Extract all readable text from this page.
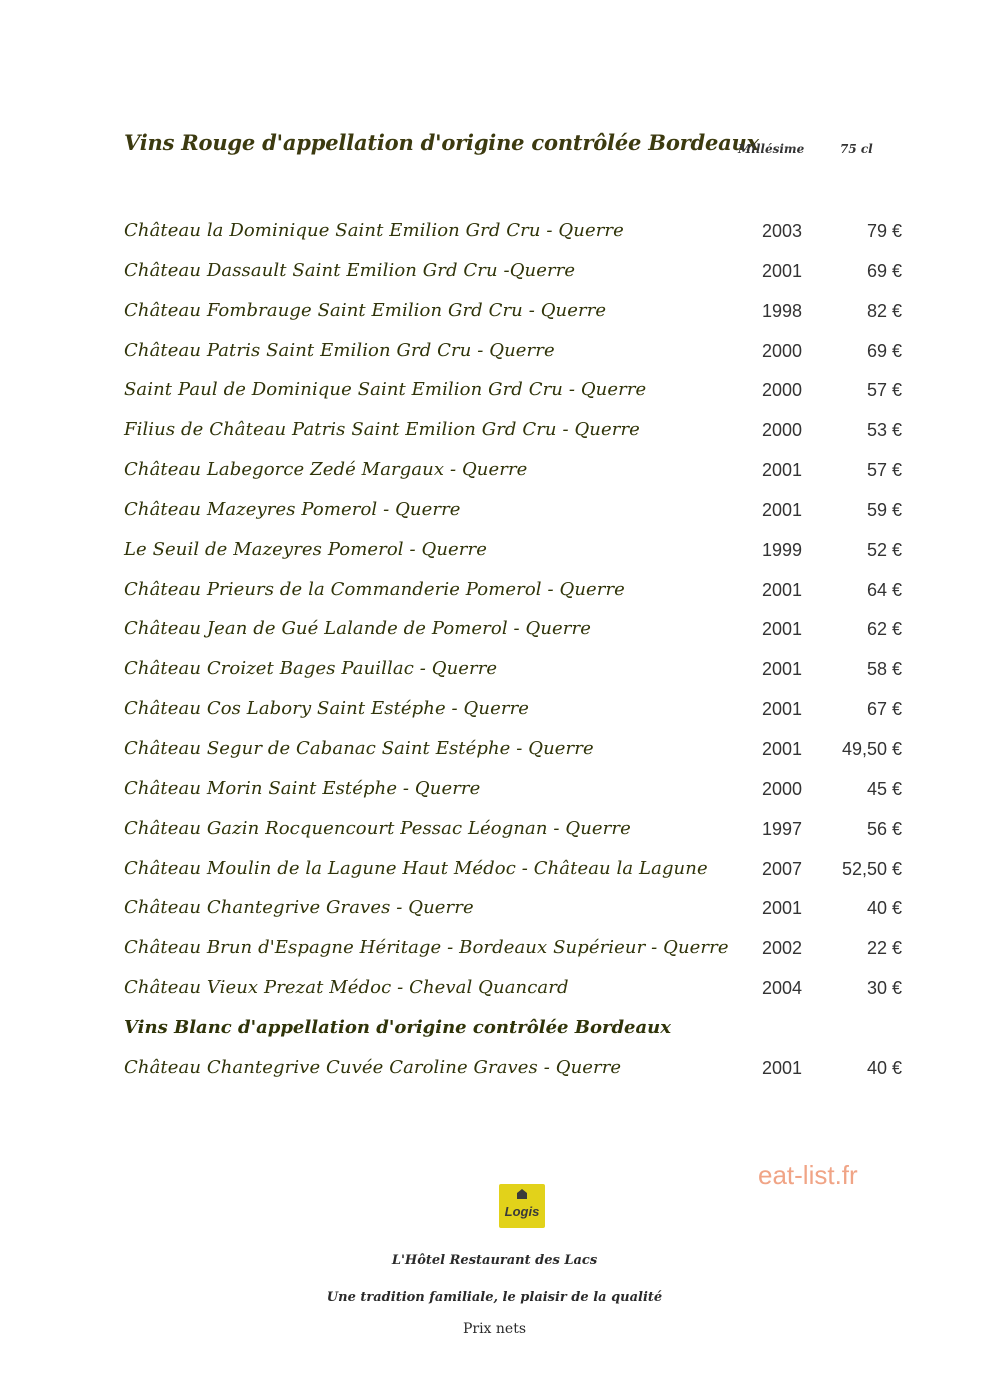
Vins Rouge d'appellation d'origine contrôlée Bordeaux
Millésime	75 cl
Château la Dominique Saint Emilion Grd Cru - Querre	2003	79 €
Château Dassault Saint Emilion Grd Cru -Querre	2001	69 €
Château Fombrauge Saint Emilion Grd Cru - Querre	1998	82 €
Château Patris Saint Emilion Grd Cru - Querre	2000	69 €
Saint Paul de Dominique Saint Emilion Grd Cru - Querre	2000	57 €
Filius de Château Patris Saint Emilion Grd Cru - Querre	2000	53 €
Château Labegorce Zedé Margaux - Querre	2001	57 €
Château Mazeyres Pomerol - Querre	2001	59 €
Le Seuil de Mazeyres Pomerol - Querre	1999	52 €
Château Prieurs de la Commanderie Pomerol - Querre	2001	64 €
Château Jean de Gué Lalande de Pomerol - Querre	2001	62 €
Château Croizet Bages Pauillac - Querre	2001	58 €
Château Cos Labory Saint Estéphe - Querre	2001	67 €
Château Segur de Cabanac Saint Estéphe - Querre	2001 49,50 €
Château Morin Saint Estéphe - Querre	2000	45 €
Château Gazin Rocquencourt Pessac Léognan - Querre	1997	56 €
Château Moulin de la Lagune Haut Médoc - Château la Lagune	2007 52,50 €
Château Chantegrive Graves - Querre	2001	40 €
Château Brun d'Espagne Héritage - Bordeaux Supérieur - Querre 2002	22 €
Château Vieux Prezat Médoc - Cheval Quancard	2004	30 €
Vins Blanc d'appellation d'origine contrôlée Bordeaux
Château Chantegrive Cuvée Caroline Graves - Querre	2001	40 €
eat-list.fr
Logis
L'Hôtel Restaurant des Lacs
Une tradition familiale, le plaisir de la qualité
Prix nets
